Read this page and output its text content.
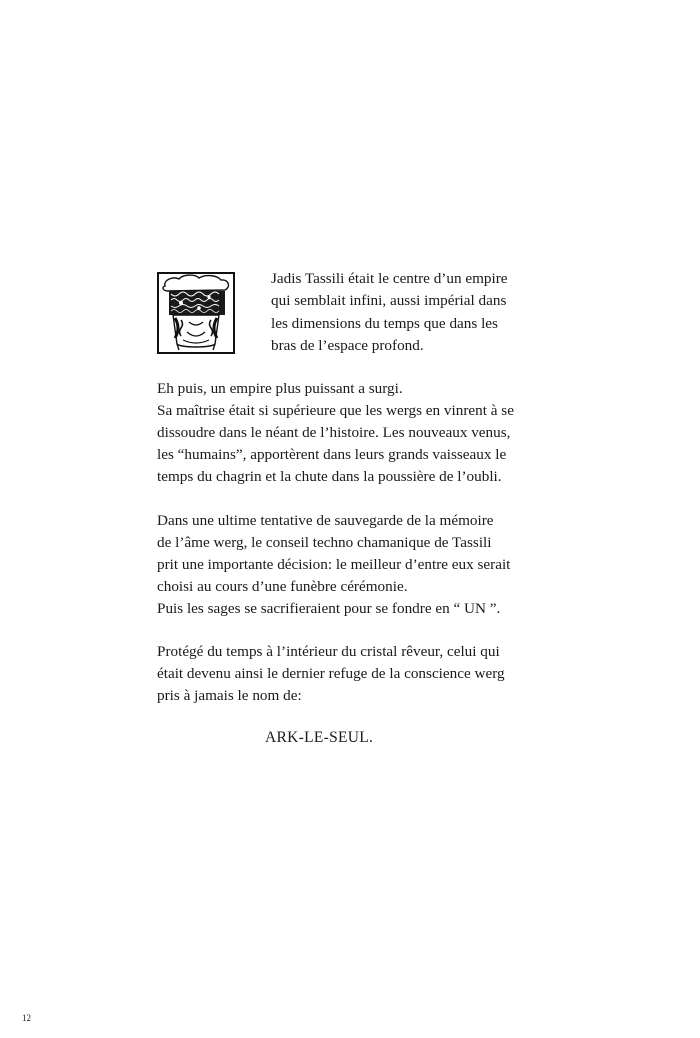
Jadis Tassili était le centre d’un empire
qui semblait infini, aussi impérial dans
les dimensions du temps que dans les
bras de l’espace profond.
Eh puis, un empire plus puissant a surgi.
Sa maîtrise était si supérieure que les wergs en vinrent à se
dissoudre dans le néant de l’histoire. Les nouveaux venus,
les “humains”, apportèrent dans leurs grands vaisseaux le
temps du chagrin et la chute dans la poussière de l’oubli.
Dans une ultime tentative de sauvegarde de la mémoire
de l’âme werg, le conseil techno chamanique de Tassili
prit une importante décision: le meilleur d’entre eux serait
choisi au cours d’une funèbre cérémonie.
Puis les sages se sacrifieraient pour se fondre en “ UN ”.
Protégé du temps à l’intérieur du cristal rêveur, celui qui
était devenu ainsi le dernier refuge de la conscience werg
pris à jamais le nom de:
ARK-LE-SEUL.
12
